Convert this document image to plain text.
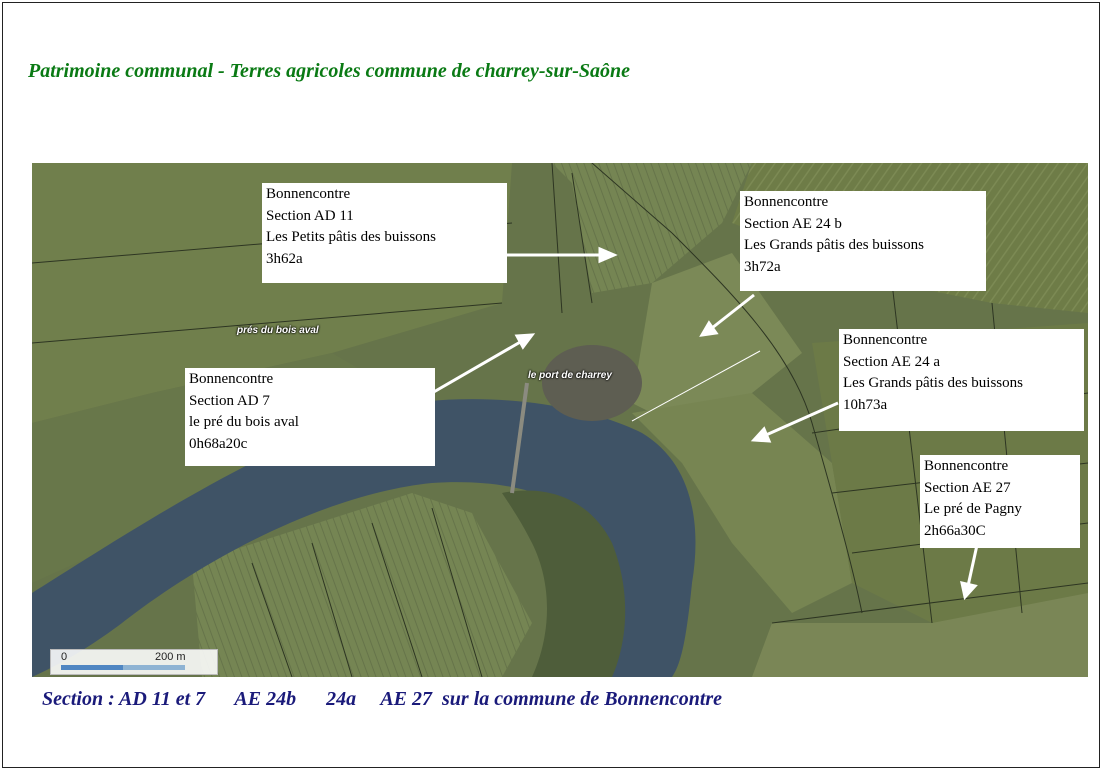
Patrimoine communal - Terres agricoles commune de charrey-sur-Saône
prés du bois aval
le port de charrey
Bonnencontre
Section AD 11
Les Petits pâtis des buissons
3h62a
Bonnencontre
Section AE 24 b
Les Grands pâtis des buissons
3h72a
Bonnencontre
Section AE 24 a
Les Grands pâtis des buissons
10h73a
Bonnencontre
Section AD 7
le pré du bois aval
0h68a20c
Bonnencontre
Section AE 27
Le pré de Pagny
2h66a30C
0	200 m
Section : AD 11 et 7      AE 24b      24a     AE 27  sur la commune de Bonnencontre
